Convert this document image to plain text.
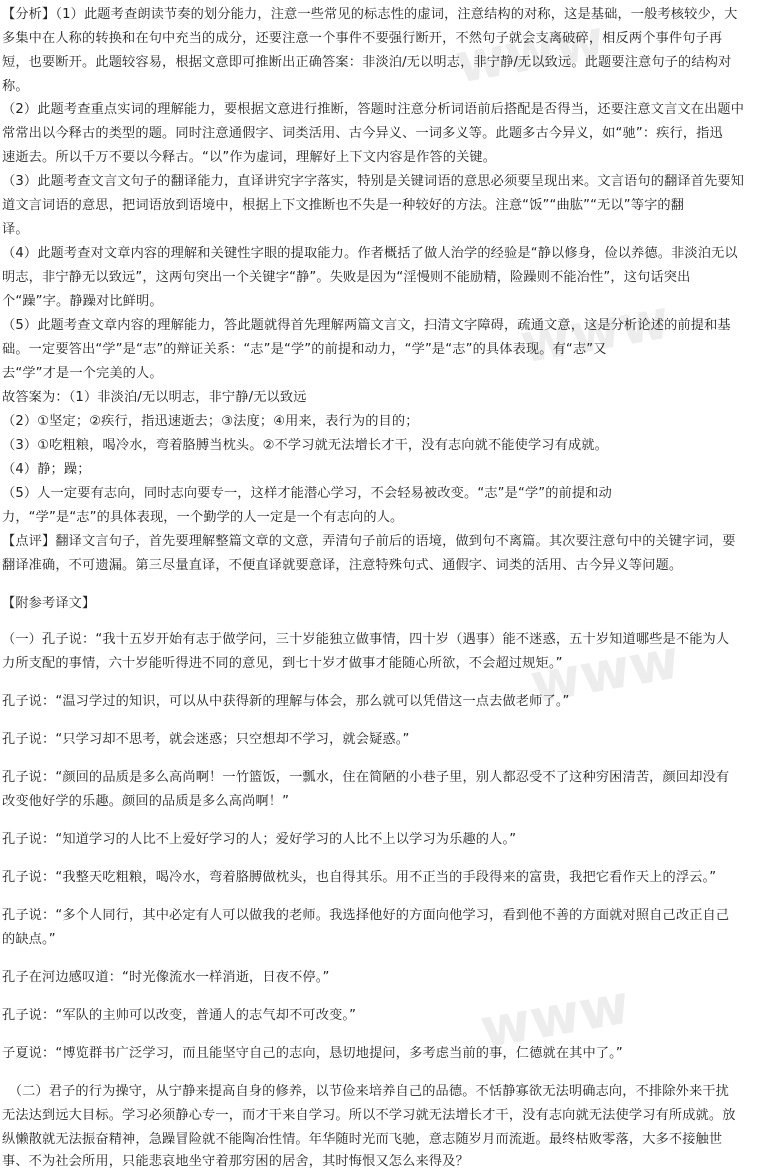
www
www
www
www
【分析】（1）此题考查朗读节奏的划分能力，注意一些常见的标志性的虚词，注意结构的对称，这是基础，一般考核较少，大
多集中在人称的转换和在句中充当的成分，还要注意一个事件不要强行断开，不然句子就会支离破碎，相反两个事件句子再
短，也要断开。此题较容易，根据文意即可推断出正确答案：非淡泊/无以明志，非宁静/无以致远。此题要注意句子的结构对
称。
（2）此题考查重点实词的理解能力，要根据文意进行推断，答题时注意分析词语前后搭配是否得当，还要注意文言文在出题中
常常出以今释古的类型的题。同时注意通假字、词类活用、古今异义、一词多义等。此题多古今异义，如“驰”：疾行，指迅
速逝去。所以千万不要以今释古。“以”作为虚词，理解好上下文内容是作答的关键。
（3）此题考查文言文句子的翻译能力，直译讲究字字落实，特别是关键词语的意思必须要呈现出来。文言语句的翻译首先要知
道文言词语的意思，把词语放到语境中，根据上下文推断也不失是一种较好的方法。注意“饭”“曲肱”“无以”等字的翻
译。
（4）此题考查对文章内容的理解和关键性字眼的提取能力。作者概括了做人治学的经验是“静以修身，俭以养德。非淡泊无以
明志，非宁静无以致远”，这两句突出一个关键字“静”。失败是因为“淫慢则不能励精，险躁则不能冶性”，这句话突出
个“躁”字。静躁对比鲜明。
（5）此题考查文章内容的理解能力，答此题就得首先理解两篇文言文，扫清文字障碍，疏通文意，这是分析论述的前提和基
础。一定要答出“学”是“志”的辩证关系：“志”是“学”的前提和动力，“学”是“志”的具体表现。有“志”又
去“学”才是一个完美的人。
故答案为：（1）非淡泊/无以明志，非宁静/无以致远
（2）①坚定；②疾行，指迅速逝去；③法度；④用来，表行为的目的；
（3）①吃粗粮，喝冷水，弯着胳膊当枕头。②不学习就无法增长才干，没有志向就不能使学习有成就。
（4）静；躁；
（5）人一定要有志向，同时志向要专一，这样才能潜心学习，不会轻易被改变。“志”是“学”的前提和动
力，“学”是“志”的具体表现，一个勤学的人一定是一个有志向的人。
【点评】翻译文言句子，首先要理解整篇文章的文意，弄清句子前后的语境，做到句不离篇。其次要注意句中的关键字词，要
翻译准确，不可遗漏。第三尽量直译，不便直译就要意译，注意特殊句式、通假字、词类的活用、古今异义等问题。
【附参考译文】
（一）孔子说：“我十五岁开始有志于做学问，三十岁能独立做事情，四十岁（遇事）能不迷惑，五十岁知道哪些是不能为人
力所支配的事情，六十岁能听得进不同的意见，到七十岁才做事才能随心所欲，不会超过规矩。”
孔子说：“温习学过的知识，可以从中获得新的理解与体会，那么就可以凭借这一点去做老师了。”
孔子说：“只学习却不思考，就会迷惑；只空想却不学习，就会疑惑。”
孔子说：“颜回的品质是多么高尚啊！一竹篮饭，一瓢水，住在简陋的小巷子里，别人都忍受不了这种穷困清苦，颜回却没有
改变他好学的乐趣。颜回的品质是多么高尚啊！”
孔子说：“知道学习的人比不上爱好学习的人；爱好学习的人比不上以学习为乐趣的人。”
孔子说：“我整天吃粗粮，喝冷水，弯着胳膊做枕头，也自得其乐。用不正当的手段得来的富贵，我把它看作天上的浮云。”
孔子说：“多个人同行，其中必定有人可以做我的老师。我选择他好的方面向他学习，看到他不善的方面就对照自己改正自己
的缺点。”
孔子在河边感叹道：“时光像流水一样消逝，日夜不停。”
孔子说：“军队的主帅可以改变，普通人的志气却不可改变。”
子夏说：“博览群书广泛学习，而且能坚守自己的志向，恳切地提问，多考虑当前的事，仁德就在其中了。”
　（二）君子的行为操守，从宁静来提高自身的修养，以节俭来培养自己的品德。不恬静寡欲无法明确志向，不排除外来干扰
无法达到远大目标。学习必须静心专一，而才干来自学习。所以不学习就无法增长才干，没有志向就无法使学习有所成就。放
纵懒散就无法振奋精神，急躁冒险就不能陶冶性情。年华随时光而飞驰，意志随岁月而流逝。最终枯败零落，大多不接触世
事、不为社会所用，只能悲哀地坐守着那穷困的居舍，其时悔恨又怎么来得及？
